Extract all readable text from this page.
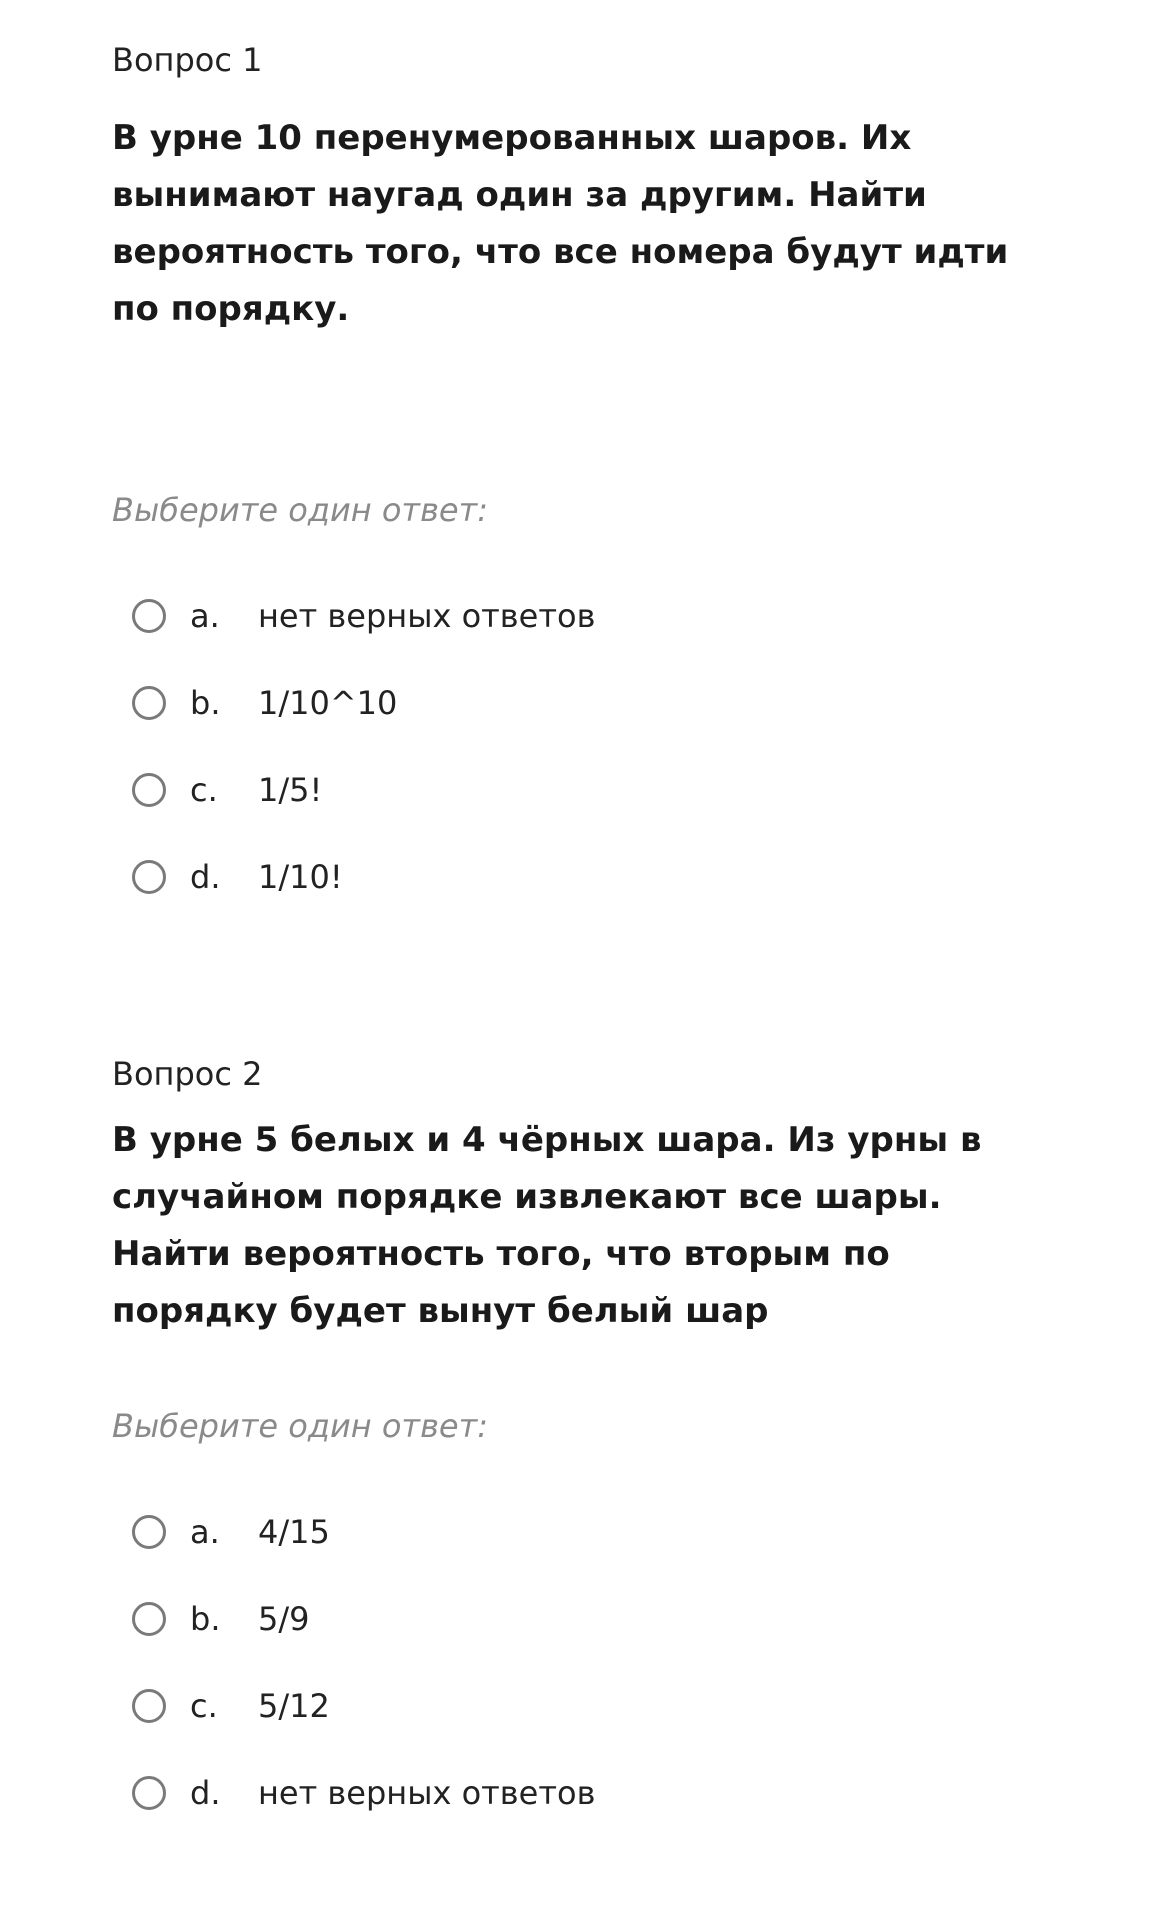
Вопрос 1

В урне 10 перенумерованных шаров. Их вынимают наугад один за другим. Найти вероятность того, что все номера будут идти по порядку.

Выберите один ответ:

a.	нет верных ответов
b.	1/10^10
c.	1/5!
d.	1/10!

Вопрос 2

В урне 5 белых и 4 чёрных шара. Из урны в случайном порядке извлекают все шары. Найти вероятность того, что вторым по порядку будет вынут белый шар

Выберите один ответ:

a.	4/15
b.	5/9
c.	5/12
d.	нет верных ответов
